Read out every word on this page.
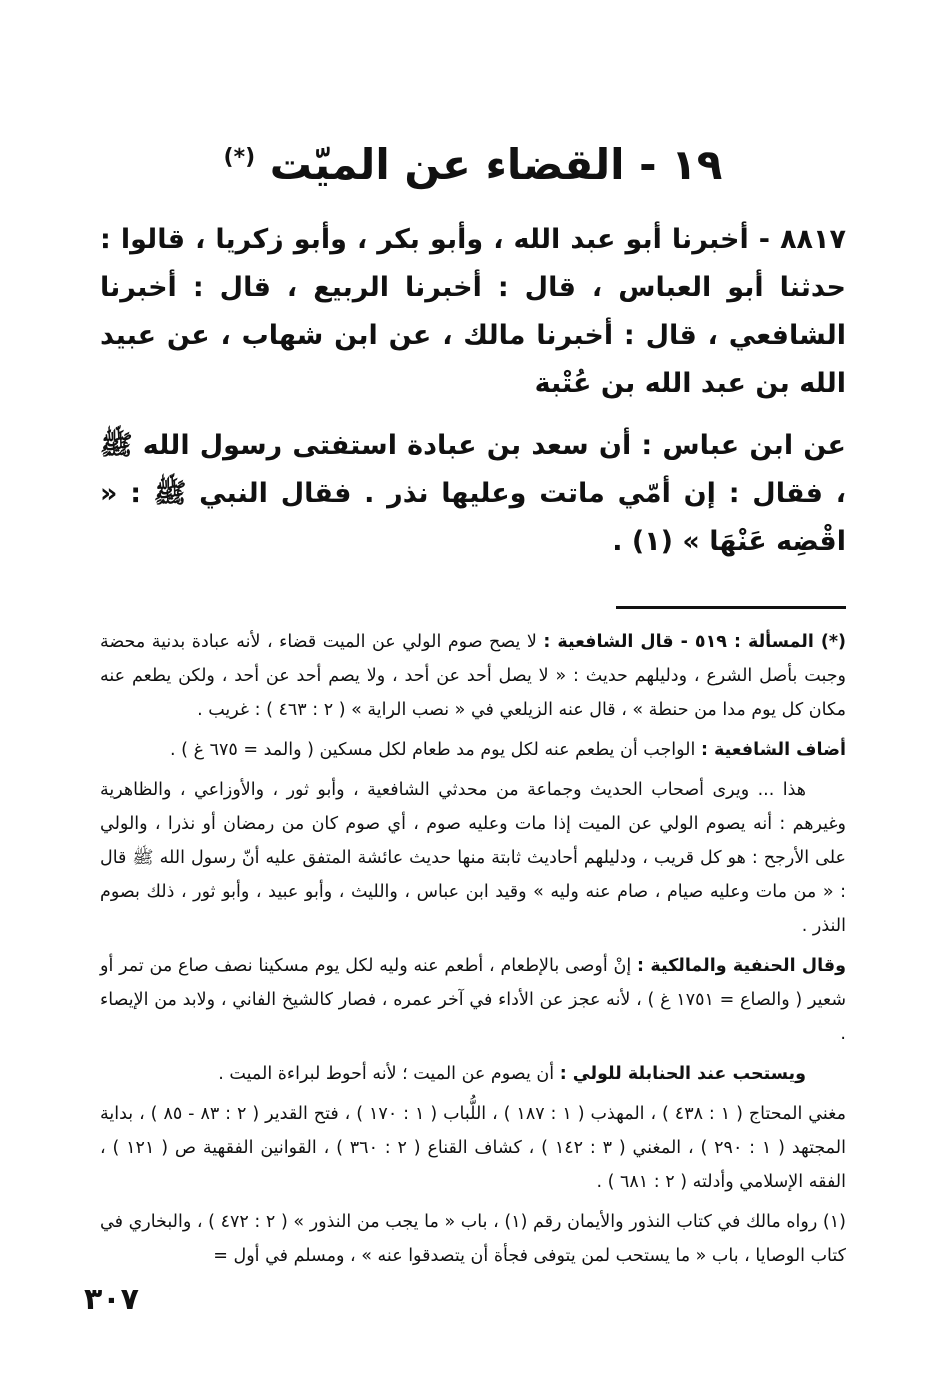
١٩ - القضاء عن الميّت (*)

٨٨١٧ - أخبرنا أبو عبد الله ، وأبو بكر ، وأبو زكريا ، قالوا : حدثنا أبو العباس ، قال : أخبرنا الربيع ، قال : أخبرنا الشافعي ، قال : أخبرنا مالك ، عن ابن شهاب ، عن عبيد الله بن عبد الله بن عُتْبة

عن ابن عباس : أن سعد بن عبادة استفتى رسول الله ﷺ ، فقال : إن أمّي ماتت وعليها نذر . فقال النبي ﷺ : « اقْضِه عَنْهَا » (١) .

(*) المسألة : ٥١٩ - قال الشافعية : لا يصح صوم الولي عن الميت قضاء ، لأنه عبادة بدنية محضة وجبت بأصل الشرع ، ودليلهم حديث : « لا يصل أحد عن أحد ، ولا يصم أحد عن أحد ، ولكن يطعم عنه مكان كل يوم مدا من حنطة » ، قال عنه الزيلعي في « نصب الراية » ( ٢ : ٤٦٣ ) : غريب .

أضاف الشافعية : الواجب أن يطعم عنه لكل يوم مد طعام لكل مسكين ( والمد = ٦٧٥ غ ) .

هذا ... ويرى أصحاب الحديث وجماعة من محدثي الشافعية ، وأبو ثور ، والأوزاعي ، والظاهرية وغيرهم : أنه يصوم الولي عن الميت إذا مات وعليه صوم ، أي صوم كان من رمضان أو نذرا ، والولي على الأرجح : هو كل قريب ، ودليلهم أحاديث ثابتة منها حديث عائشة المتفق عليه أنّ رسول الله ﷺ قال : « من مات وعليه صيام ، صام عنه وليه » وقيد ابن عباس ، والليث ، وأبو عبيد ، وأبو ثور ، ذلك بصوم النذر .

وقال الحنفية والمالكية : إنْ أوصى بالإطعام ، أطعم عنه وليه لكل يوم مسكينا نصف صاع من تمر أو شعير ( والصاع = ١٧٥١ غ ) ، لأنه عجز عن الأداء في آخر عمره ، فصار كالشيخ الفاني ، ولابد من الإيصاء .

ويستحب عند الحنابلة للولي : أن يصوم عن الميت ؛ لأنه أحوط لبراءة الميت .

مغني المحتاج ( ١ : ٤٣٨ ) ، المهذب ( ١ : ١٨٧ ) ، اللُّباب ( ١ : ١٧٠ ) ، فتح القدير ( ٢ : ٨٣ - ٨٥ ) ، بداية المجتهد ( ١ : ٢٩٠ ) ، المغني ( ٣ : ١٤٢ ) ، كشاف القناع ( ٢ : ٣٦٠ ) ، القوانين الفقهية ص ( ١٢١ ) ، الفقه الإسلامي وأدلته ( ٢ : ٦٨١ ) .

(١) رواه مالك في كتاب النذور والأيمان رقم (١) ، باب « ما يجب من النذور » ( ٢ : ٤٧٢ ) ، والبخاري في كتاب الوصايا ، باب « ما يستحب لمن يتوفى فجأة أن يتصدقوا عنه » ، ومسلم في أول =

٣٠٧
